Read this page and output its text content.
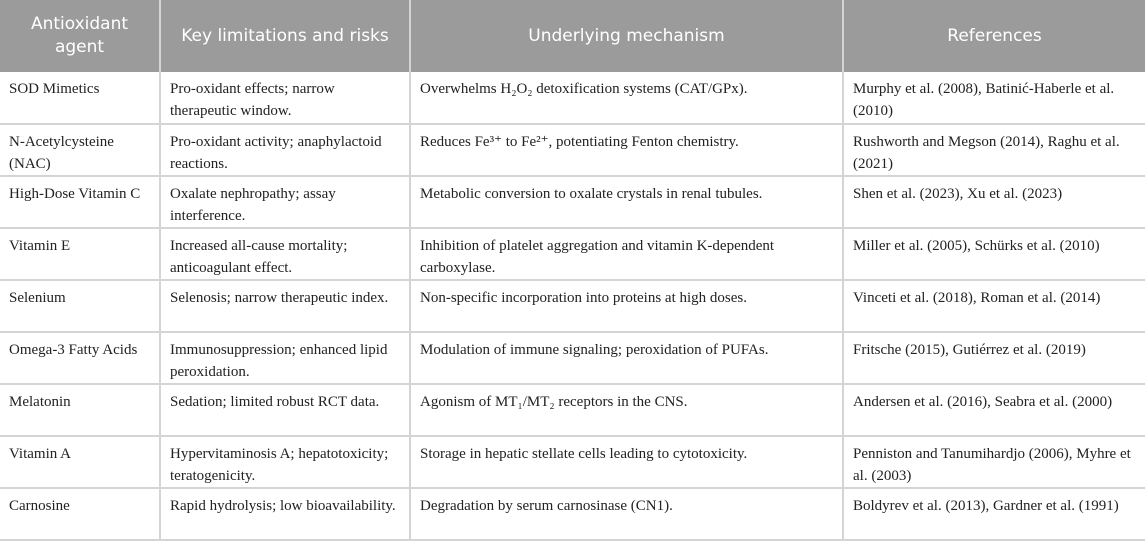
Antioxidant agent	Key limitations and risks	Underlying mechanism	References
SOD Mimetics	Pro-oxidant effects; narrow therapeutic window.	Overwhelms H₂O₂ detoxification systems (CAT/GPx).	Murphy et al. (2008), Batinić-Haberle et al. (2010)
N-Acetylcysteine (NAC)	Pro-oxidant activity; anaphylactoid reactions.	Reduces Fe³⁺ to Fe²⁺, potentiating Fenton chemistry.	Rushworth and Megson (2014), Raghu et al. (2021)
High-Dose Vitamin C	Oxalate nephropathy; assay interference.	Metabolic conversion to oxalate crystals in renal tubules.	Shen et al. (2023), Xu et al. (2023)
Vitamin E	Increased all-cause mortality; anticoagulant effect.	Inhibition of platelet aggregation and vitamin K-dependent carboxylase.	Miller et al. (2005), Schürks et al. (2010)
Selenium	Selenosis; narrow therapeutic index.	Non-specific incorporation into proteins at high doses.	Vinceti et al. (2018), Roman et al. (2014)
Omega-3 Fatty Acids	Immunosuppression; enhanced lipid peroxidation.	Modulation of immune signaling; peroxidation of PUFAs.	Fritsche (2015), Gutiérrez et al. (2019)
Melatonin	Sedation; limited robust RCT data.	Agonism of MT₁/MT₂ receptors in the CNS.	Andersen et al. (2016), Seabra et al. (2000)
Vitamin A	Hypervitaminosis A; hepatotoxicity; teratogenicity.	Storage in hepatic stellate cells leading to cytotoxicity.	Penniston and Tanumihardjo (2006), Myhre et al. (2003)
Carnosine	Rapid hydrolysis; low bioavailability.	Degradation by serum carnosinase (CN1).	Boldyrev et al. (2013), Gardner et al. (1991)
